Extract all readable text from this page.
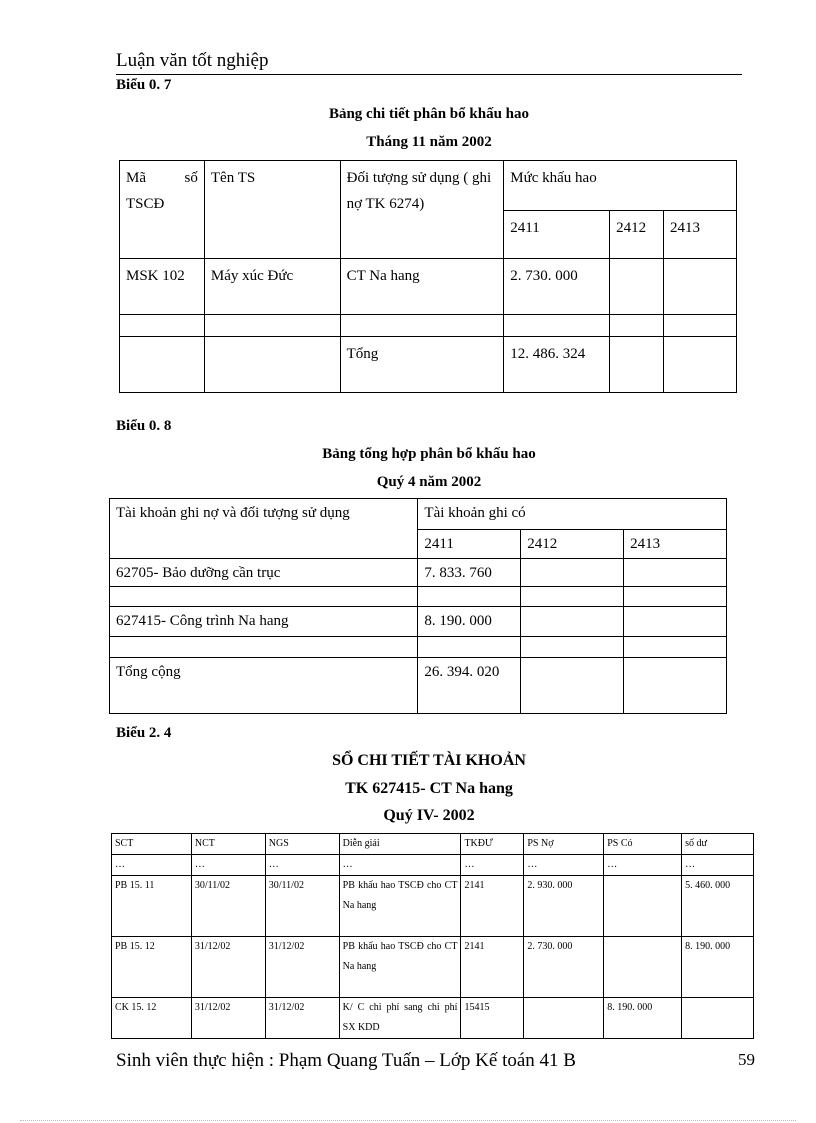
Luận văn tốt nghiệp
Biểu 0. 7
Bảng chi tiết phân bổ khấu hao
Tháng 11 năm 2002
Mã số TSCĐ	Tên TS	Đối tượng sử dụng ( ghi nợ TK 6274)	Mức khấu hao		
			2411	2412	2413
MSK 102	Máy xúc Đức	CT Na hang	2. 730. 000		

		Tổng	12. 486. 324		
Biểu 0. 8
Bảng tổng hợp phân bổ khấu hao
Quý 4 năm 2002
Tài khoản ghi nợ và đối tượng sử dụng	Tài khoản ghi có		
	2411	2412	2413
62705- Bảo dưỡng cần trục	7. 833. 760		

627415- Công trình Na hang	8. 190. 000		

Tổng cộng	26. 394. 020		
Biểu 2. 4
SỔ CHI TIẾT TÀI KHOẢN
TK 627415- CT Na hang
Quý IV- 2002
SCT	NCT	NGS	Diễn giải	TKĐƯ	PS Nợ	PS Có	số dư
…	…	…	…	…	…	…	…
PB 15. 11	30/11/02	30/11/02	PB khấu hao TSCĐ cho CT Na hang	2141	2. 930. 000		5. 460. 000
PB 15. 12	31/12/02	31/12/02	PB khấu hao TSCĐ cho CT Na hang	2141	2. 730. 000		8. 190. 000
CK 15. 12	31/12/02	31/12/02	K/ C chi phí sang chi phí SX KDD	15415		8. 190. 000	
Sinh viên thực hiện : Phạm Quang Tuấn – Lớp Kế toán 41 B	59
